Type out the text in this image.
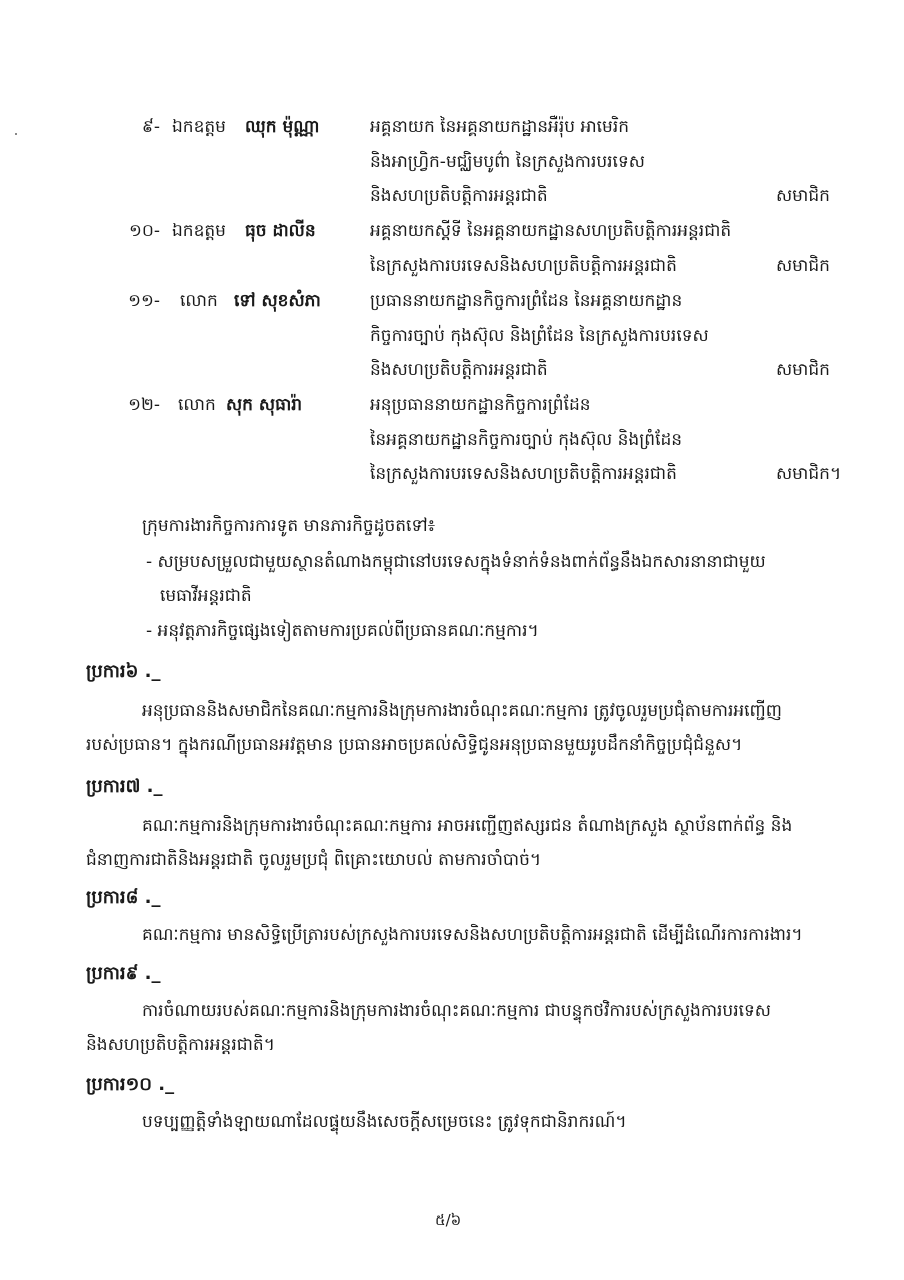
៩- ឯកឧត្តម ឈុក ម៉ុណ្ណា	អគ្គនាយក នៃអគ្គនាយកដ្ឋានអឺរ៉ុប អាមេរិក
និងអាហ្វ្រិក-មជ្ឈិមបូព៌ា នៃក្រសួងការបរទេស
និងសហប្រតិបត្តិការអន្តរជាតិ	សមាជិក
១០- ឯកឧត្តម ធុច ដាលីន	អគ្គនាយកស្តីទី នៃអគ្គនាយកដ្ឋានសហប្រតិបត្តិការអន្តរជាតិ
នៃក្រសួងការបរទេសនិងសហប្រតិបត្តិការអន្តរជាតិ	សមាជិក
១១- លោក ទៅ សុខសំភា	ប្រធាននាយកដ្ឋានកិច្ចការព្រំដែន នៃអគ្គនាយកដ្ឋាន
កិច្ចការច្បាប់ កុងស៊ុល និងព្រំដែន នៃក្រសួងការបរទេស
និងសហប្រតិបត្តិការអន្តរជាតិ	សមាជិក
១២- លោក សុក សុធារ៉ា	អនុប្រធាននាយកដ្ឋានកិច្ចការព្រំដែន
នៃអគ្គនាយកដ្ឋានកិច្ចការច្បាប់ កុងស៊ុល និងព្រំដែន
នៃក្រសួងការបរទេសនិងសហប្រតិបត្តិការអន្តរជាតិ	សមាជិក។
ក្រុមការងារកិច្ចការការទូត មានភារកិច្ចដូចតទៅ៖
- សម្របសម្រួលជាមួយស្ថានតំណាងកម្ពុជានៅបរទេសក្នុងទំនាក់ទំនងពាក់ព័ន្ធនឹងឯកសារនានាជាមួយ
មេធាវីអន្តរជាតិ
- អនុវត្តភារកិច្ចផ្សេងទៀតតាមការប្រគល់ពីប្រធានគណៈកម្មការ។
ប្រការ៦ ._
អនុប្រធាននិងសមាជិកនៃគណៈកម្មការនិងក្រុមការងារចំណុះគណៈកម្មការ ត្រូវចូលរួមប្រជុំតាមការអញ្ជើញ
របស់ប្រធាន។ ក្នុងករណីប្រធានអវត្តមាន ប្រធានអាចប្រគល់សិទ្ធិជូនអនុប្រធានមួយរូបដឹកនាំកិច្ចប្រជុំជំនួស។
ប្រការ៧ ._
គណៈកម្មការនិងក្រុមការងារចំណុះគណៈកម្មការ អាចអញ្ជើញឥស្សរជន តំណាងក្រសួង ស្ថាប័នពាក់ព័ន្ធ និង
ជំនាញការជាតិនិងអន្តរជាតិ ចូលរួមប្រជុំ ពិគ្រោះយោបល់ តាមការចាំបាច់។
ប្រការ៨ ._
គណៈកម្មការ មានសិទ្ធិប្រើត្រារបស់ក្រសួងការបរទេសនិងសហប្រតិបត្តិការអន្តរជាតិ ដើម្បីដំណើរការការងារ។
ប្រការ៩ ._
ការចំណាយរបស់គណៈកម្មការនិងក្រុមការងារចំណុះគណៈកម្មការ ជាបន្ទុកថវិការបស់ក្រសួងការបរទេស
និងសហប្រតិបត្តិការអន្តរជាតិ។
ប្រការ១០ ._
បទប្បញ្ញត្តិទាំងឡាយណាដែលផ្ទុយនឹងសេចក្តីសម្រេចនេះ ត្រូវទុកជានិរាករណ៍។
៥/៦
